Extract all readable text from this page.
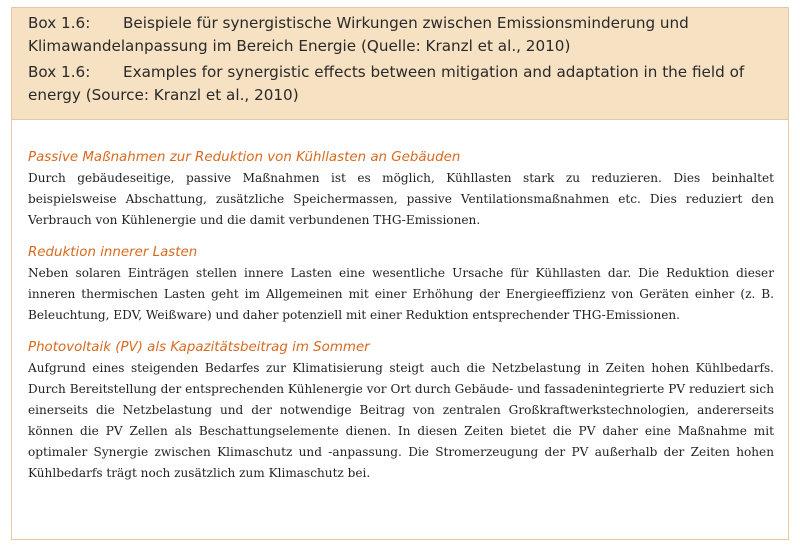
Box 1.6: Beispiele für synergistische Wirkungen zwischen Emissionsminderung und Klimawandelanpassung im Bereich Energie (Quelle: Kranzl et al., 2010)

Box 1.6: Examples for synergistic effects between mitigation and adaptation in the field of energy (Source: Kranzl et al., 2010)

Passive Maßnahmen zur Reduktion von Kühllasten an Gebäuden

Durch gebäudeseitige, passive Maßnahmen ist es möglich, Kühllasten stark zu reduzieren. Dies beinhaltet beispielsweise Abschattung, zusätzliche Speichermassen, passive Ventilationsmaßnahmen etc. Dies reduziert den Verbrauch von Kühlenergie und die damit verbundenen THG-Emissionen.

Reduktion innerer Lasten

Neben solaren Einträgen stellen innere Lasten eine wesentliche Ursache für Kühllasten dar. Die Reduktion dieser inneren thermischen Lasten geht im Allgemeinen mit einer Erhöhung der Energieeffizienz von Geräten einher (z. B. Beleuchtung, EDV, Weißware) und daher potenziell mit einer Reduktion entsprechender THG-Emissionen.

Photovoltaik (PV) als Kapazitätsbeitrag im Sommer

Aufgrund eines steigenden Bedarfes zur Klimatisierung steigt auch die Netzbelastung in Zeiten hohen Kühlbedarfs. Durch Bereitstellung der entsprechenden Kühlenergie vor Ort durch Gebäude- und fassadenintegrierte PV reduziert sich einerseits die Netzbelastung und der notwendige Beitrag von zentralen Großkraftwerkstechnologien, andererseits können die PV Zellen als Beschattungselemente dienen. In diesen Zeiten bietet die PV daher eine Maßnahme mit optimaler Synergie zwischen Klimaschutz und -anpassung. Die Stromerzeugung der PV außerhalb der Zeiten hohen Kühlbedarfs trägt noch zusätzlich zum Klimaschutz bei.
